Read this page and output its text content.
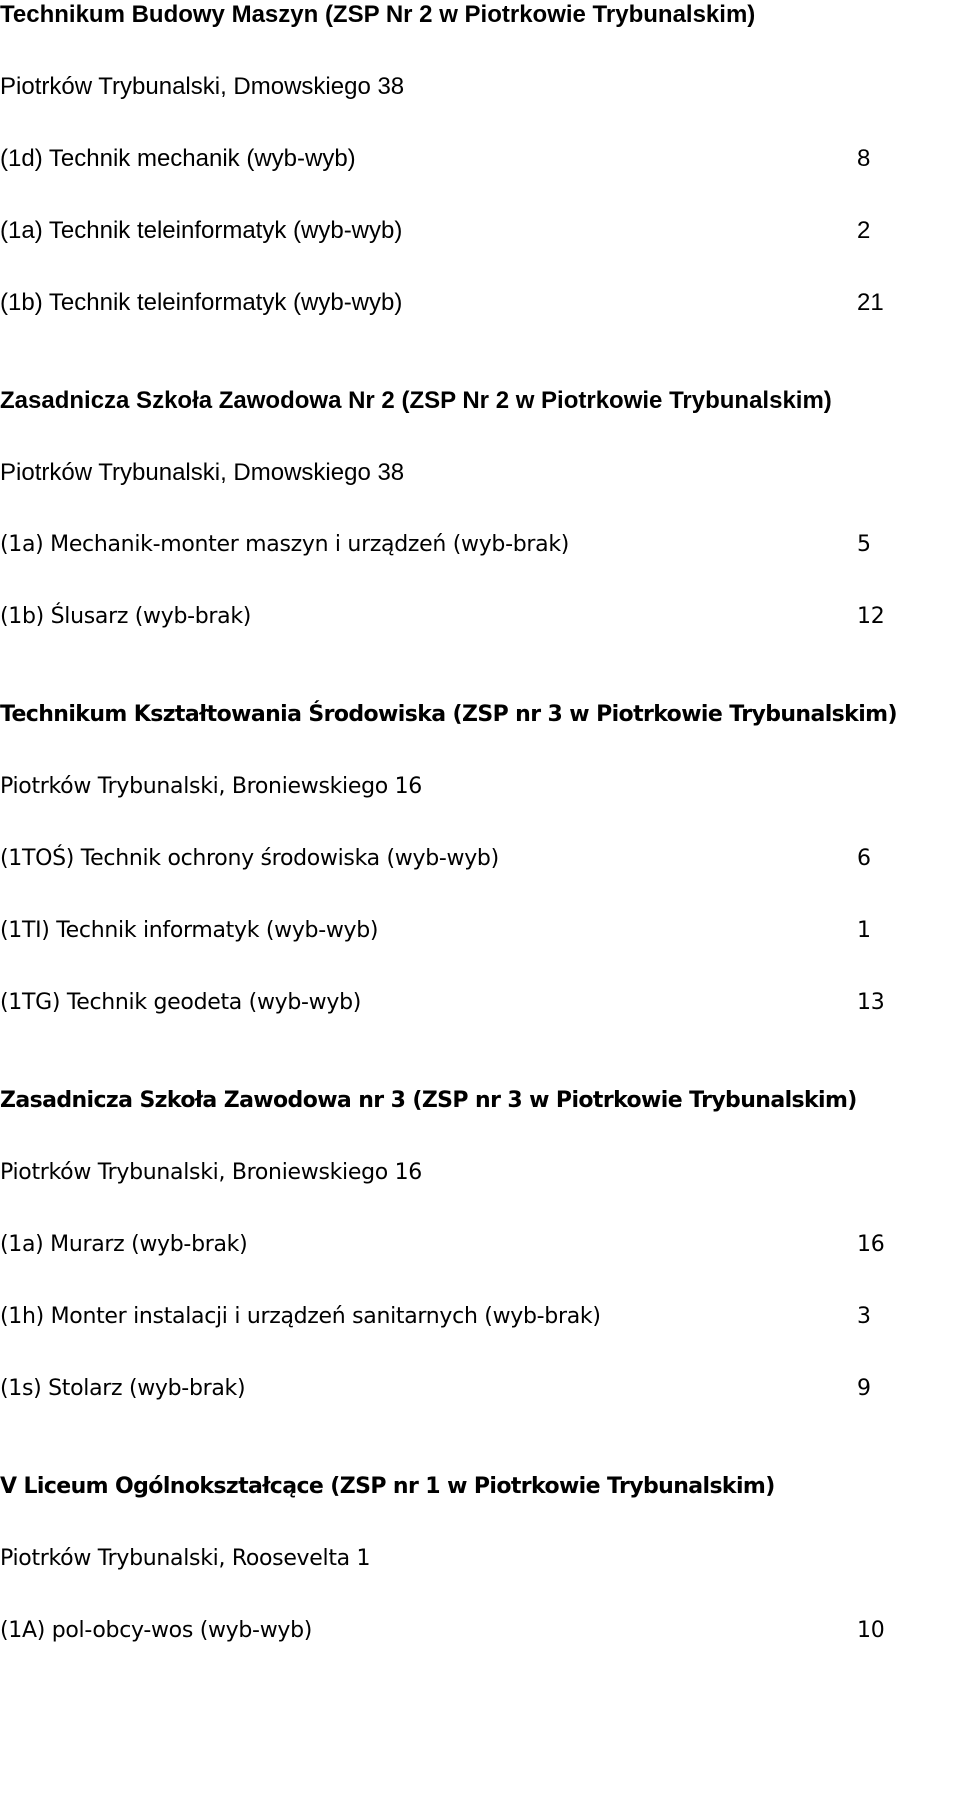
Technikum Budowy Maszyn (ZSP Nr 2 w Piotrkowie Trybunalskim)
Piotrków Trybunalski, Dmowskiego 38
(1d) Technik mechanik (wyb-wyb)	8
(1a) Technik teleinformatyk (wyb-wyb)	2
(1b) Technik teleinformatyk (wyb-wyb)	21
Zasadnicza Szkoła Zawodowa Nr 2 (ZSP Nr 2 w Piotrkowie Trybunalskim)
Piotrków Trybunalski, Dmowskiego 38
(1a) Mechanik-monter maszyn i urządzeń (wyb-brak)	5
(1b) Ślusarz (wyb-brak)	12
Technikum Kształtowania Środowiska (ZSP nr 3 w Piotrkowie Trybunalskim)
Piotrków Trybunalski, Broniewskiego 16
(1TOŚ) Technik ochrony środowiska (wyb-wyb)	6
(1TI) Technik informatyk (wyb-wyb)	1
(1TG) Technik geodeta (wyb-wyb)	13
Zasadnicza Szkoła Zawodowa nr 3 (ZSP nr 3 w Piotrkowie Trybunalskim)
Piotrków Trybunalski, Broniewskiego 16
(1a) Murarz (wyb-brak)	16
(1h) Monter instalacji i urządzeń sanitarnych (wyb-brak)	3
(1s) Stolarz (wyb-brak)	9
V Liceum Ogólnokształcące (ZSP nr 1 w Piotrkowie Trybunalskim)
Piotrków Trybunalski, Roosevelta 1
(1A) pol-obcy-wos (wyb-wyb)	10
